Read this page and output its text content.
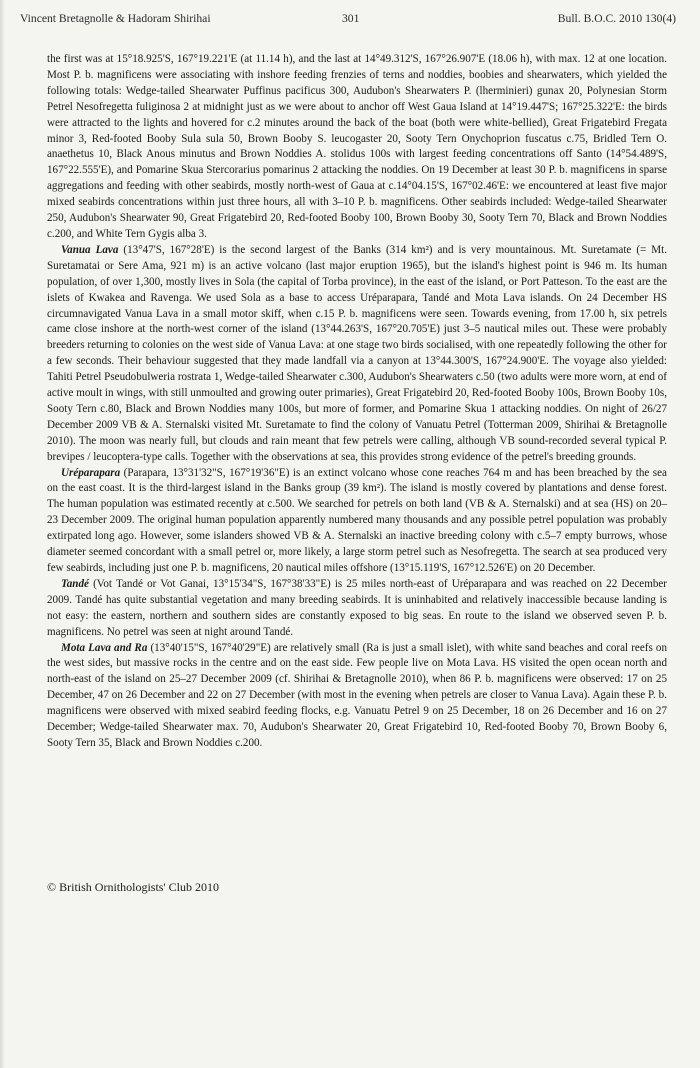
Vincent Bretagnolle & Hadoram Shirihai	301	Bull. B.O.C. 2010 130(4)

the first was at 15°18.925'S, 167°19.221'E (at 11.14 h), and the last at 14°49.312'S, 167°26.907'E (18.06 h), with max. 12 at one location. Most P. b. magnificens were associating with inshore feeding frenzies of terns and noddies, boobies and shearwaters, which yielded the following totals: Wedge-tailed Shearwater Puffinus pacificus 300, Audubon's Shearwaters P. (lherminieri) gunax 20, Polynesian Storm Petrel Nesofregetta fuliginosa 2 at midnight just as we were about to anchor off West Gaua Island at 14°19.447'S; 167°25.322'E: the birds were attracted to the lights and hovered for c.2 minutes around the back of the boat (both were white-bellied), Great Frigatebird Fregata minor 3, Red-footed Booby Sula sula 50, Brown Booby S. leucogaster 20, Sooty Tern Onychoprion fuscatus c.75, Bridled Tern O. anaethetus 10, Black Anous minutus and Brown Noddies A. stolidus 100s with largest feeding concentrations off Santo (14°54.489'S, 167°22.555'E), and Pomarine Skua Stercorarius pomarinus 2 attacking the noddies. On 19 December at least 30 P. b. magnificens in sparse aggregations and feeding with other seabirds, mostly north-west of Gaua at c.14°04.15'S, 167°02.46'E: we encountered at least five major mixed seabirds concentrations within just three hours, all with 3–10 P. b. magnificens. Other seabirds included: Wedge-tailed Shearwater 250, Audubon's Shearwater 90, Great Frigatebird 20, Red-footed Booby 100, Brown Booby 30, Sooty Tern 70, Black and Brown Noddies c.200, and White Tern Gygis alba 3.

Vanua Lava (13°47'S, 167°28'E) is the second largest of the Banks (314 km²) and is very mountainous. Mt. Suretamate (= Mt. Suretamatai or Sere Ama, 921 m) is an active volcano (last major eruption 1965), but the island's highest point is 946 m. Its human population, of over 1,300, mostly lives in Sola (the capital of Torba province), in the east of the island, or Port Patteson. To the east are the islets of Kwakea and Ravenga. We used Sola as a base to access Uréparapara, Tandé and Mota Lava islands. On 24 December HS circumnavigated Vanua Lava in a small motor skiff, when c.15 P. b. magnificens were seen. Towards evening, from 17.00 h, six petrels came close inshore at the north-west corner of the island (13°44.263'S, 167°20.705'E) just 3–5 nautical miles out. These were probably breeders returning to colonies on the west side of Vanua Lava: at one stage two birds socialised, with one repeatedly following the other for a few seconds. Their behaviour suggested that they made landfall via a canyon at 13°44.300'S, 167°24.900'E. The voyage also yielded: Tahiti Petrel Pseudobulweria rostrata 1, Wedge-tailed Shearwater c.300, Audubon's Shearwaters c.50 (two adults were more worn, at end of active moult in wings, with still unmoulted and growing outer primaries), Great Frigatebird 20, Red-footed Booby 100s, Brown Booby 10s, Sooty Tern c.80, Black and Brown Noddies many 100s, but more of former, and Pomarine Skua 1 attacking noddies. On night of 26/27 December 2009 VB & A. Sternalski visited Mt. Suretamate to find the colony of Vanuatu Petrel (Totterman 2009, Shirihai & Bretagnolle 2010). The moon was nearly full, but clouds and rain meant that few petrels were calling, although VB sound-recorded several typical P. brevipes / leucoptera-type calls. Together with the observations at sea, this provides strong evidence of the petrel's breeding grounds.

Uréparapara (Parapara, 13°31'32"S, 167°19'36"E) is an extinct volcano whose cone reaches 764 m and has been breached by the sea on the east coast. It is the third-largest island in the Banks group (39 km²). The island is mostly covered by plantations and dense forest. The human population was estimated recently at c.500. We searched for petrels on both land (VB & A. Sternalski) and at sea (HS) on 20–23 December 2009. The original human population apparently numbered many thousands and any possible petrel population was probably extirpated long ago. However, some islanders showed VB & A. Sternalski an inactive breeding colony with c.5–7 empty burrows, whose diameter seemed concordant with a small petrel or, more likely, a large storm petrel such as Nesofregetta. The search at sea produced very few seabirds, including just one P. b. magnificens, 20 nautical miles offshore (13°15.119'S, 167°12.526'E) on 20 December.

Tandé (Vot Tandé or Vot Ganai, 13°15'34"S, 167°38'33"E) is 25 miles north-east of Uréparapara and was reached on 22 December 2009. Tandé has quite substantial vegetation and many breeding seabirds. It is uninhabited and relatively inaccessible because landing is not easy: the eastern, northern and southern sides are constantly exposed to big seas. En route to the island we observed seven P. b. magnificens. No petrel was seen at night around Tandé.

Mota Lava and Ra (13°40'15"S, 167°40'29"E) are relatively small (Ra is just a small islet), with white sand beaches and coral reefs on the west sides, but massive rocks in the centre and on the east side. Few people live on Mota Lava. HS visited the open ocean north and north-east of the island on 25–27 December 2009 (cf. Shirihai & Bretagnolle 2010), when 86 P. b. magnificens were observed: 17 on 25 December, 47 on 26 December and 22 on 27 December (with most in the evening when petrels are closer to Vanua Lava). Again these P. b. magnificens were observed with mixed seabird feeding flocks, e.g. Vanuatu Petrel 9 on 25 December, 18 on 26 December and 16 on 27 December; Wedge-tailed Shearwater max. 70, Audubon's Shearwater 20, Great Frigatebird 10, Red-footed Booby 70, Brown Booby 6, Sooty Tern 35, Black and Brown Noddies c.200.

© British Ornithologists' Club 2010
